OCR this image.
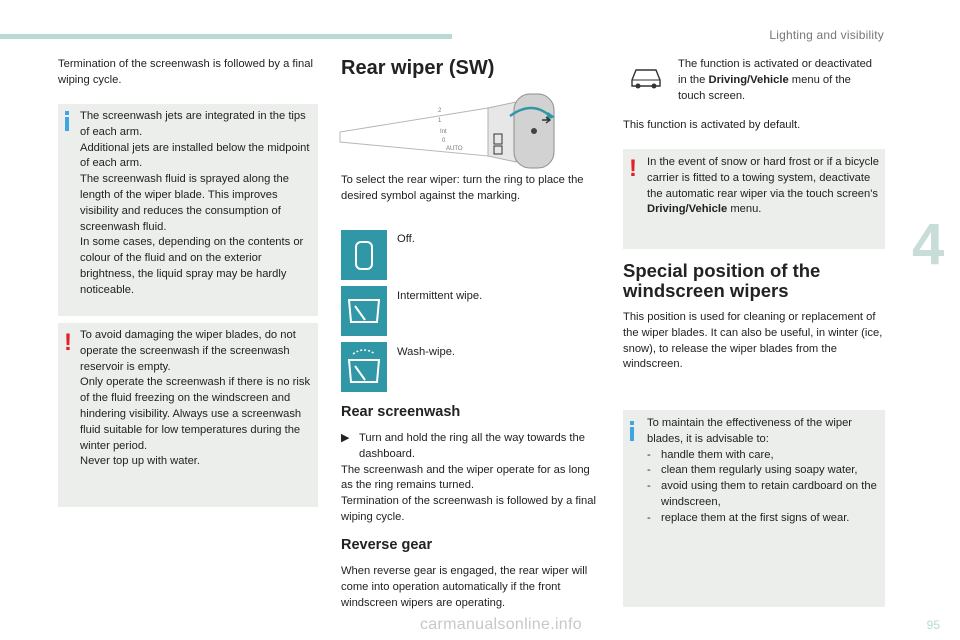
Lighting and visibility
4

Termination of the screenwash is followed by a final wiping cycle.

The screenwash jets are integrated in the tips of each arm.

Additional jets are installed below the midpoint of each arm.

The screenwash fluid is sprayed along the length of the wiper blade. This improves visibility and reduces the consumption of screenwash fluid.

In some cases, depending on the contents or colour of the fluid and on the exterior brightness, the liquid spray may be hardly noticeable.

! To avoid damaging the wiper blades, do not operate the screenwash if the screenwash reservoir is empty.

Only operate the screenwash if there is no risk of the fluid freezing on the windscreen and hindering visibility. Always use a screenwash fluid suitable for low temperatures during the winter period.

Never top up with water.

Rear wiper (SW)
2
1
Int
0
AUTO

To select the rear wiper: turn the ring to place the desired symbol against the marking.

Off.

Intermittent wipe.

Wash-wipe.

Rear screenwash
▶ Turn and hold the ring all the way towards the dashboard.

The screenwash and the wiper operate for as long as the ring remains turned.

Termination of the screenwash is followed by a final wiping cycle.

Reverse gear

When reverse gear is engaged, the rear wiper will come into operation automatically if the front windscreen wipers are operating.

The function is activated or deactivated in the Driving/Vehicle menu of the touch screen.

This function is activated by default.

! In the event of snow or hard frost or if a bicycle carrier is fitted to a towing system, deactivate the automatic rear wiper via the touch screen's Driving/Vehicle menu.

Special position of the
windscreen wipers

This position is used for cleaning or replacement of the wiper blades. It can also be useful, in winter (ice, snow), to release the wiper blades from the windscreen.

To maintain the effectiveness of the wiper blades, it is advisable to:

- handle them with care,
- clean them regularly using soapy water,
- avoid using them to retain cardboard on the windscreen,
- replace them at the first signs of wear.
carmanualsonline.info	95
